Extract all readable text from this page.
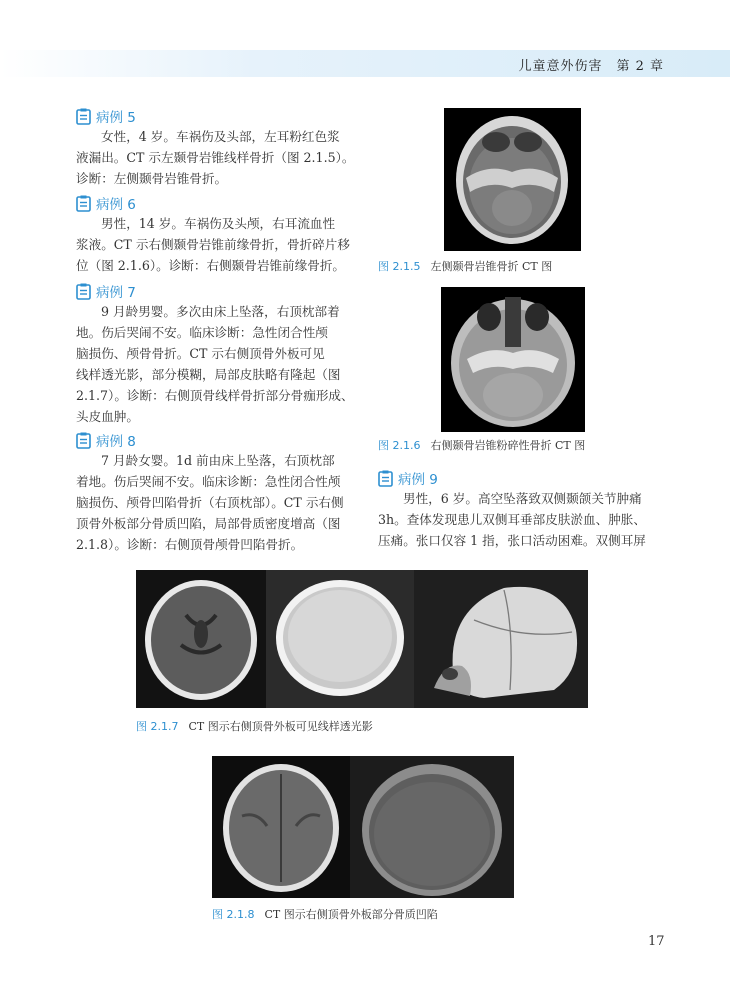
儿童意外伤害　第 2 章
病例 5
女性，4 岁。车祸伤及头部，左耳粉红色浆
液漏出。CT 示左颞骨岩锥线样骨折（图 2.1.5）。
诊断：左侧颞骨岩锥骨折。
病例 6
男性，14 岁。车祸伤及头颅，右耳流血性
浆液。CT 示右侧颞骨岩锥前缘骨折，骨折碎片移
位（图 2.1.6）。诊断：右侧颞骨岩锥前缘骨折。
病例 7
9 月龄男婴。多次由床上坠落，右顶枕部着
地。伤后哭闹不安。临床诊断：急性闭合性颅
脑损伤、颅骨骨折。CT 示右侧顶骨外板可见
线样透光影，部分模糊，局部皮肤略有隆起（图
2.1.7）。诊断：右侧顶骨线样骨折部分骨痂形成、
头皮血肿。
病例 8
7 月龄女婴。1d 前由床上坠落，右顶枕部
着地。伤后哭闹不安。临床诊断：急性闭合性颅
脑损伤、颅骨凹陷骨折（右顶枕部）。CT 示右侧
顶骨外板部分骨质凹陷，局部骨质密度增高（图
2.1.8）。诊断：右侧顶骨颅骨凹陷骨折。
图 2.1.5 左侧颞骨岩锥骨折 CT 图
图 2.1.6 右侧颞骨岩锥粉碎性骨折 CT 图
病例 9
男性，6 岁。高空坠落致双侧颞颌关节肿痛
3h。查体发现患儿双侧耳垂部皮肤淤血、肿胀、
压痛。张口仅容 1 指，张口活动困难。双侧耳屏
图 2.1.7 CT 图示右侧顶骨外板可见线样透光影
图 2.1.8 CT 图示右侧顶骨外板部分骨质凹陷
17
